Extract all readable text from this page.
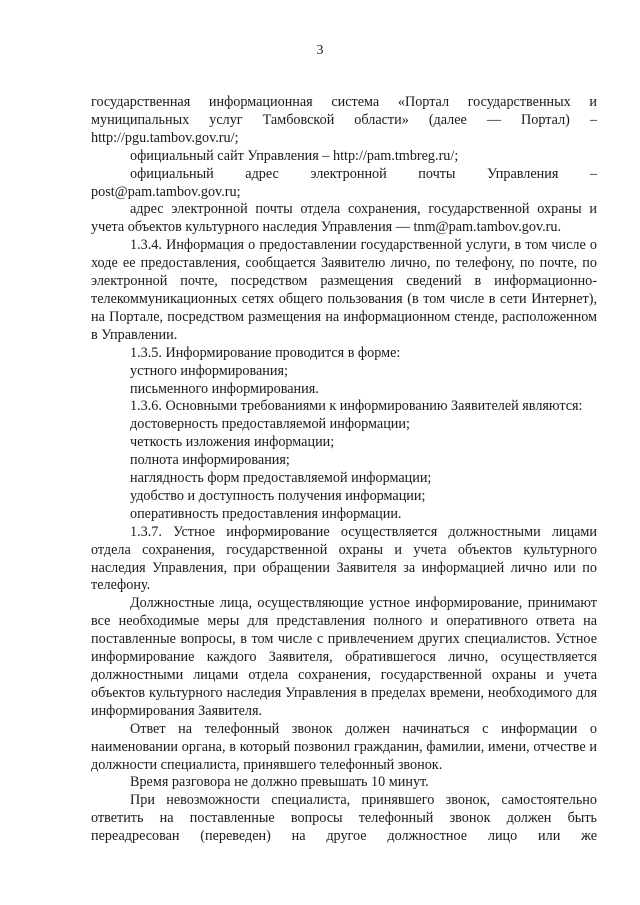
3

государственная информационная система «Портал государственных и муниципальных услуг Тамбовской области» (далее — Портал) – http://pgu.tambov.gov.ru/;

официальный сайт Управления – http://pam.tmbreg.ru/;

официальный адрес электронной почты Управления – post@pam.tambov.gov.ru;

адрес электронной почты отдела сохранения, государственной охраны и учета объектов культурного наследия Управления — tnm@pam.tambov.gov.ru.

1.3.4. Информация о предоставлении государственной услуги, в том числе о ходе ее предоставления, сообщается Заявителю лично, по телефону, по почте, по электронной почте, посредством размещения сведений в информационно-телекоммуникационных сетях общего пользования (в том числе в сети Интернет), на Портале, посредством размещения на информационном стенде, расположенном в Управлении.

1.3.5. Информирование проводится в форме:

устного информирования;

письменного информирования.

1.3.6. Основными требованиями к информированию Заявителей являются:

достоверность предоставляемой информации;

четкость изложения информации;

полнота информирования;

наглядность форм предоставляемой информации;

удобство и доступность получения информации;

оперативность предоставления информации.

1.3.7. Устное информирование осуществляется должностными лицами отдела сохранения, государственной охраны и учета объектов культурного наследия Управления, при обращении Заявителя за информацией лично или по телефону.

Должностные лица, осуществляющие устное информирование, принимают все необходимые меры для представления полного и оперативного ответа на поставленные вопросы, в том числе с привлечением других специалистов. Устное информирование каждого Заявителя, обратившегося лично, осуществляется должностными лицами отдела сохранения, государственной охраны и учета объектов культурного наследия Управления в пределах времени, необходимого для информирования Заявителя.

Ответ на телефонный звонок должен начинаться с информации о наименовании органа, в который позвонил гражданин, фамилии, имени, отчестве и должности специалиста, принявшего телефонный звонок.

Время разговора не должно превышать 10 минут.

При невозможности специалиста, принявшего звонок, самостоятельно ответить на поставленные вопросы телефонный звонок должен быть переадресован (переведен) на другое должностное лицо или же
